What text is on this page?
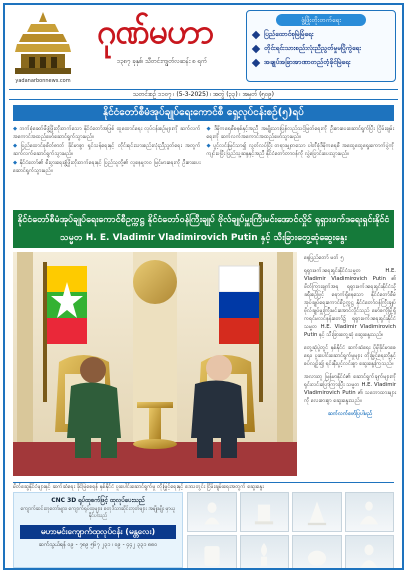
yadanarbonnews.com
ဂုဏ်မဟာ
၁၃၈၇ ခုနှစ်၊ သီတင်းကျွတ်လဆန်း ၈ ရက်
ဖွံ့ဖြိုးတိုးတက်ရေး
ပြည်ထောင်စုမြဲမြံရေး
တိုင်းရင်းသားစည်းလုံးညီညွတ်မှုမပြိုကွဲရေး
အချုပ်အခြာအာဏာတည်တံ့ခိုင်မြဲရေး
သတင်းစဉ် ၁၁၀၇ ၊ (5-3-2025) ၊ အတွဲ (၃၃) ၊ အမှတ် (၅၀၉)
နိုင်ငံတော်စီမံအုပ်ချုပ်ရေးကောင်စီ ရှေ့လုပ်ငန်းစဉ်(၅)ရပ်

◆ ဘက်စုံခေတ်မီဖွံ့ဖြိုးတိုးတက်သော နိုင်ငံတော်အဖြစ် ထူထောင်ရေး လုပ်ငန်းစဉ်များကို ဆက်လက်အကောင်အထည်ဖော်ဆောင်ရွက်သွားမည်။

◆ ပြည်ထောင်စုစိတ်ဓာတ် ခိုင်မာစွာ ရှင်သန်ရေးနှင့် တိုင်းရင်းသားစည်းလုံးညီညွတ်ရေး အတွက် ဆက်လက်ဆောင်ရွက်သွားမည်။

◆ နိုင်ငံတော်၏ စီးပွားရေးဖွံ့ဖြိုးတိုးတက်ရေးနှင့် ပြည်သူတို့၏ လူနေမှုဘဝ မြင့်မားရေးကို ဦးစားပေးဆောင်ရွက်သွားမည်။

◆ ဒီမိုကရေစီစနစ်နှင့်အညီ အမျိုးသားပြန်လည်သင့်မြတ်ရေးကို ဦးစားပေးဆောင်ရွက်ပြီး ငြိမ်းချမ်းရေးကို ဆက်လက်အကောင်အထည်ဖော်သွားမည်။

◆ ပွင့်လင်းမြင်သာ၍ လွတ်လပ်ပြီး တရားမျှတသော ပါတီစုံဒီမိုကရေစီ အထွေထွေရွေးကောက်ပွဲကို ကျင်းပပြီး ပြည်သူ့ဆန္ဒနှင့်အညီ နိုင်ငံတော်တာဝန်ကို လွှဲပြောင်းပေးသွားမည်။

နိုင်ငံတော်စီမံအုပ်ချုပ်ရေးကောင်စီဥက္ကဋ္ဌ နိုင်ငံတော်ဝန်ကြီးချုပ် ဗိုလ်ချုပ်မှူးကြီးမင်းအောင်လှိုင် ရုရှားဖက်ဒရေးရှင်းနိုင်ငံသမ္မတ H. E. Vladimir Vladimirovich Putin နှင့် သီးခြားတွေ့ဆုံဆွေးနွေး

နေပြည်တော် မတ် ၅

ရုရှားဖက်ဒရေးရှင်းနိုင်ငံသမ္မတ H.E. Vladimir Vladimirovich Putin ၏ ဖိတ်ကြားချက်အရ ရုရှားဖက်ဒရေးရှင်းနိုင်ငံသို့ ခရီးစဉ်ဖြင့် ရောက်ရှိနေသော နိုင်ငံတော်စီမံအုပ်ချုပ်ရေးကောင်စီဥက္ကဋ္ဌ နိုင်ငံတော်ဝန်ကြီးချုပ် ဗိုလ်ချုပ်မှူးကြီးမင်းအောင်လှိုင်သည် မော်စကိုမြို့ရှိ ကရင်မလင်နန်းတော်၌ ရုရှားဖက်ဒရေးရှင်းနိုင်ငံ သမ္မတ H.E. Vladimir Vladimirovich Putin နှင့် သီးခြားတွေ့ဆုံ ဆွေးနွေးသည်။

တွေ့ဆုံပွဲတွင် နှစ်နိုင်ငံ ဆက်ဆံရေး ပိုမိုခိုင်မာစေရေး၊ ပူးပေါင်းဆောင်ရွက်မှုများ တိုးမြှင့်ရေးတို့နှင့် စပ်လျဉ်း၍ ရင်းနှီးပွင့်လင်းစွာ ဆွေးနွေးကြသည်။

အလားတူ မြန်မာနိုင်ငံ၏ ဆောင်ရွက်ချက်များကို ရှင်းလင်းပြောကြားပြီး သမ္မတ H.E. Vladimir Vladimirovich Putin ၏ သဘောထားများကို လေးစားစွာ ဆွေးနွေးသည်။

ဆက်လက်ဖော်ပြပါမည်

မိတ်ဆွေနိုင်ငံများနှင့် ဆက်ဆံရေး ခိုင်မြဲစေရန် နှစ်နိုင်ငံ ပူးပေါင်းဆောင်ရွက်မှု တိုးမြှင့်ရေးနှင့် ဒေသတွင်း ငြိမ်းချမ်းရေးအတွက် ဆွေးနွေး
CNC 3D ရုပ်ထုစက်ဖြင့် ထုလုပ်ပေးသည်
ကျောက်ဆင်းတုတော်များ၊ ကျောက်ရုပ်ထုများ၊ စတုဒိသာဆိုင်းဘုတ်များ အမျိုးမျိုး မှာယူနိုင်ပါသည်
မဟာမင်းကျောက်ထုလုပ်ငန်း (မန္တလေး)
ဆက်သွယ်ရန် ၀၉ - ၇၈၉ ၅၆၇ ၂၃၁ ၊ ၀၉ - ၄၄၂ ၃၃၁ ၈၈၀
